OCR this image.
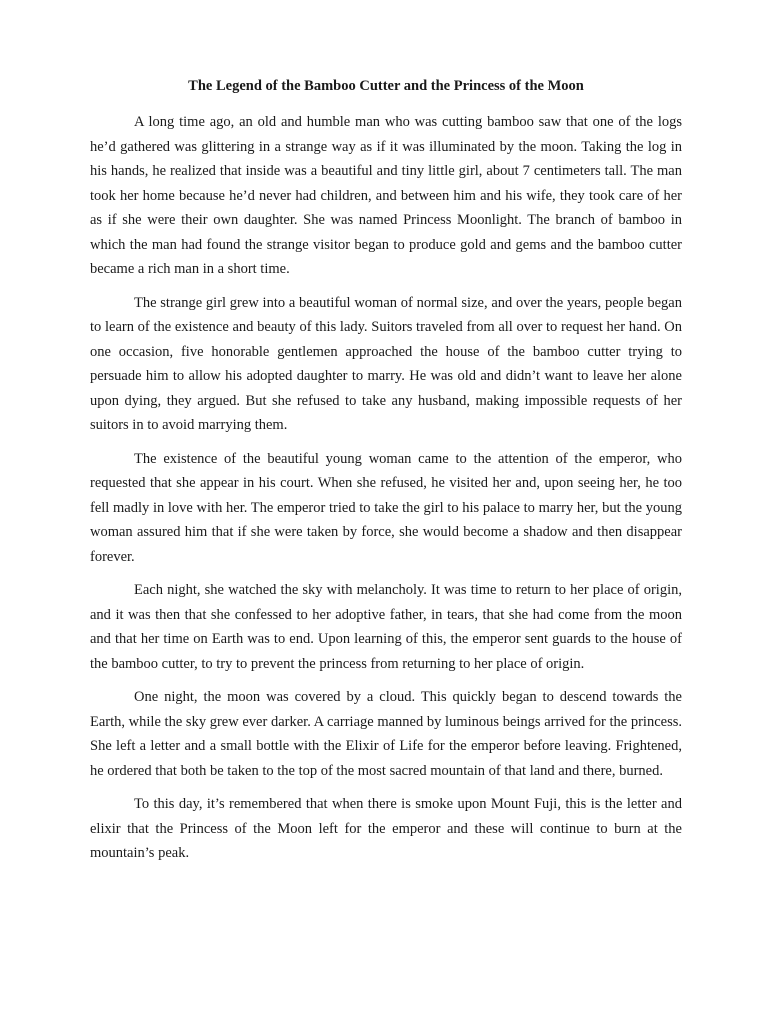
The Legend of the Bamboo Cutter and the Princess of the Moon

A long time ago, an old and humble man who was cutting bamboo saw that one of the logs he’d gathered was glittering in a strange way as if it was illuminated by the moon. Taking the log in his hands, he realized that inside was a beautiful and tiny little girl, about 7 centimeters tall. The man took her home because he’d never had children, and between him and his wife, they took care of her as if she were their own daughter. She was named Princess Moonlight. The branch of bamboo in which the man had found the strange visitor began to produce gold and gems and the bamboo cutter became a rich man in a short time.

The strange girl grew into a beautiful woman of normal size, and over the years, people began to learn of the existence and beauty of this lady. Suitors traveled from all over to request her hand. On one occasion, five honorable gentlemen approached the house of the bamboo cutter trying to persuade him to allow his adopted daughter to marry. He was old and didn’t want to leave her alone upon dying, they argued. But she refused to take any husband, making impossible requests of her suitors in to avoid marrying them.

The existence of the beautiful young woman came to the attention of the emperor, who requested that she appear in his court. When she refused, he visited her and, upon seeing her, he too fell madly in love with her. The emperor tried to take the girl to his palace to marry her, but the young woman assured him that if she were taken by force, she would become a shadow and then disappear forever.

Each night, she watched the sky with melancholy. It was time to return to her place of origin, and it was then that she confessed to her adoptive father, in tears, that she had come from the moon and that her time on Earth was to end. Upon learning of this, the emperor sent guards to the house of the bamboo cutter, to try to prevent the princess from returning to her place of origin.

One night, the moon was covered by a cloud. This quickly began to descend towards the Earth, while the sky grew ever darker. A carriage manned by luminous beings arrived for the princess. She left a letter and a small bottle with the Elixir of Life for the emperor before leaving. Frightened, he ordered that both be taken to the top of the most sacred mountain of that land and there, burned.

To this day, it’s remembered that when there is smoke upon Mount Fuji, this is the letter and elixir that the Princess of the Moon left for the emperor and these will continue to burn at the mountain’s peak.
